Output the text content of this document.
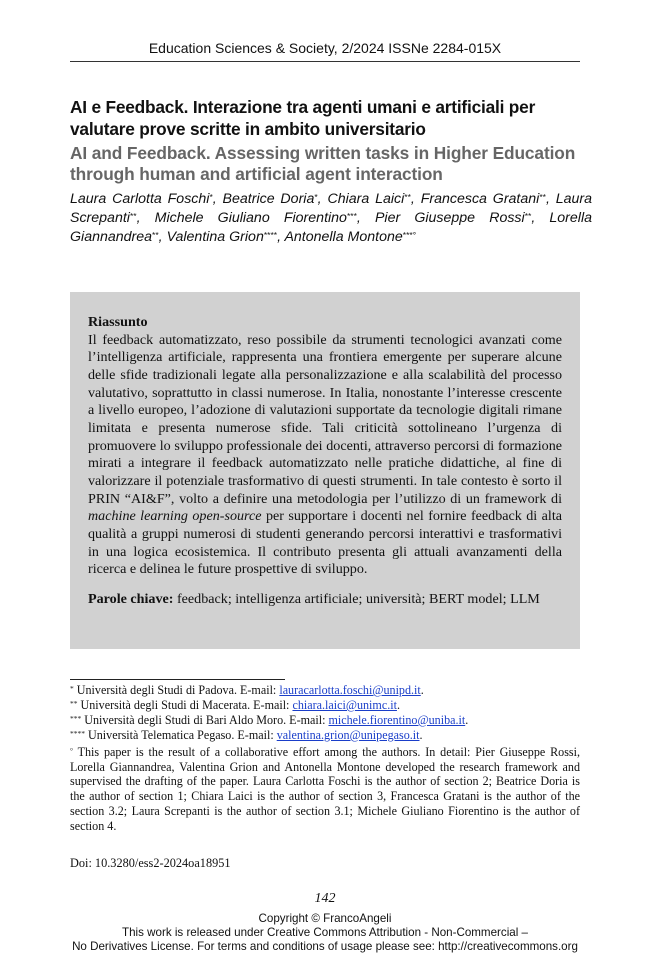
Education Sciences & Society, 2/2024 ISSNe 2284-015X
AI e Feedback. Interazione tra agenti umani e artificiali per valutare prove scritte in ambito universitario
AI and Feedback. Assessing written tasks in Higher Education through human and artificial agent interaction
Laura Carlotta Foschi*, Beatrice Doria*, Chiara Laici**, Francesca Gratani**, Laura Screpanti**, Michele Giuliano Fiorentino***, Pier Giuseppe Rossi**, Lorella Giannandrea**, Valentina Grion****, Antonella Montone***°
Riassunto
Il feedback automatizzato, reso possibile da strumenti tecnologici avanzati come l’intelligenza artificiale, rappresenta una frontiera emergente per superare alcune delle sfide tradizionali legate alla personalizzazione e alla scalabilità del processo valutativo, soprattutto in classi numerose. In Italia, nonostante l’interesse crescente a livello europeo, l’adozione di valutazioni supportate da tecnologie digitali rimane limitata e presenta numerose sfide. Tali criticità sottolineano l’urgenza di promuovere lo sviluppo professionale dei docenti, attraverso percorsi di formazione mirati a integrare il feedback automatizzato nelle pratiche didattiche, al fine di valorizzare il potenziale trasformativo di questi strumenti. In tale contesto è sorto il PRIN “AI&F”, volto a definire una metodologia per l’utilizzo di un framework di machine learning open-source per supportare i docenti nel fornire feedback di alta qualità a gruppi numerosi di studenti generando percorsi interattivi e trasformativi in una logica ecosistemica. Il contributo presenta gli attuali avanzamenti della ricerca e delinea le future prospettive di sviluppo.
Parole chiave: feedback; intelligenza artificiale; università; BERT model; LLM

* Università degli Studi di Padova. E-mail: lauracarlotta.foschi@unipd.it.

** Università degli Studi di Macerata. E-mail: chiara.laici@unimc.it.

*** Università degli Studi di Bari Aldo Moro. E-mail: michele.fiorentino@uniba.it.

**** Università Telematica Pegaso. E-mail: valentina.grion@unipegaso.it.

° This paper is the result of a collaborative effort among the authors. In detail: Pier Giuseppe Rossi, Lorella Giannandrea, Valentina Grion and Antonella Montone developed the research framework and supervised the drafting of the paper. Laura Carlotta Foschi is the author of section 2; Beatrice Doria is the author of section 1; Chiara Laici is the author of section 3, Francesca Gratani is the author of the section 3.2; Laura Screpanti is the author of section 3.1; Michele Giuliano Fiorentino is the author of section 4.

Doi: 10.3280/ess2-2024oa18951
142
Copyright © FrancoAngeli
This work is released under Creative Commons Attribution - Non-Commercial –
No Derivatives License. For terms and conditions of usage please see: http://creativecommons.org
